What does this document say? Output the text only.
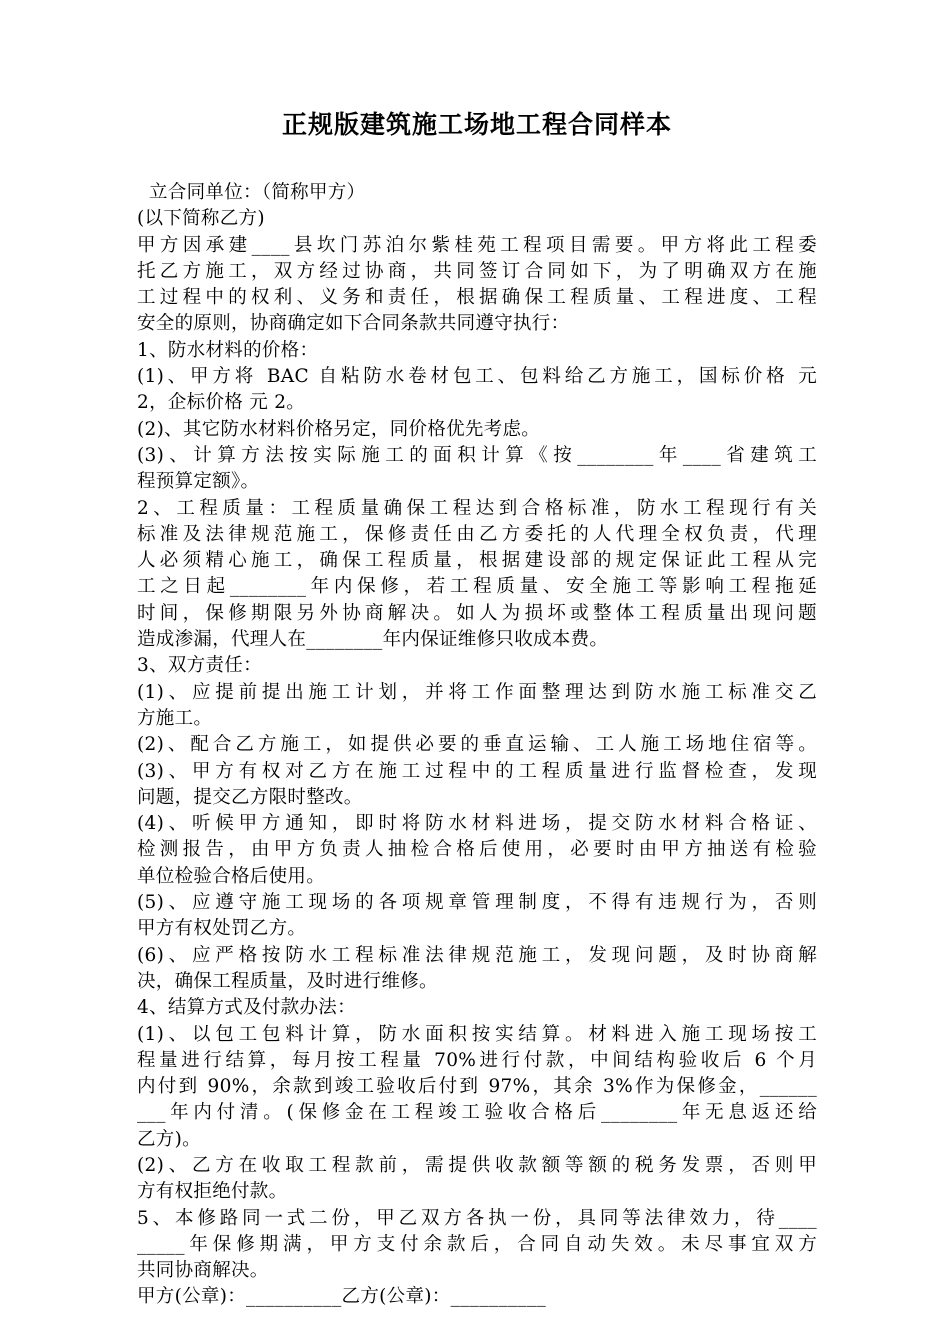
正规版建筑施工场地工程合同样本
立合同单位：（简称甲方）
(以下简称乙方)
甲方因承建____县坎门苏泊尔紫桂苑工程项目需要。甲方将此工程委
托乙方施工，双方经过协商，共同签订合同如下，为了明确双方在施
工过程中的权利、义务和责任，根据确保工程质量、工程进度、工程
安全的原则，协商确定如下合同条款共同遵守执行：
1、防水材料的价格：
(1)、甲方将 BAC 自粘防水卷材包工、包料给乙方施工，国标价格 元
2，企标价格 元 2。
(2)、其它防水材料价格另定，同价格优先考虑。
(3)、计算方法按实际施工的面积计算《按________年____省建筑工
程预算定额》。
2、工程质量：工程质量确保工程达到合格标准，防水工程现行有关
标准及法律规范施工，保修责任由乙方委托的人代理全权负责，代理
人必须精心施工，确保工程质量，根据建设部的规定保证此工程从完
工之日起________年内保修，若工程质量、安全施工等影响工程拖延
时间，保修期限另外协商解决。如人为损坏或整体工程质量出现问题
造成渗漏，代理人在________年内保证维修只收成本费。
3、双方责任：
(1)、应提前提出施工计划，并将工作面整理达到防水施工标准交乙
方施工。
(2)、配合乙方施工，如提供必要的垂直运输、工人施工场地住宿等。
(3)、甲方有权对乙方在施工过程中的工程质量进行监督检查，发现
问题，提交乙方限时整改。
(4)、听候甲方通知，即时将防水材料进场，提交防水材料合格证、
检测报告，由甲方负责人抽检合格后使用，必要时由甲方抽送有检验
单位检验合格后使用。
(5)、应遵守施工现场的各项规章管理制度，不得有违规行为，否则
甲方有权处罚乙方。
(6)、应严格按防水工程标准法律规范施工，发现问题，及时协商解
决，确保工程质量，及时进行维修。
4、结算方式及付款办法：
(1)、以包工包料计算，防水面积按实结算。材料进入施工现场按工
程量进行结算，每月按工程量 70%进行付款，中间结构验收后 6 个月
内付到 90%，余款到竣工验收后付到 97%，其余 3%作为保修金，______
___年内付清。(保修金在工程竣工验收合格后________年无息返还给
乙方)。
(2)、乙方在收取工程款前，需提供收款额等额的税务发票，否则甲
方有权拒绝付款。
5、本修路同一式二份，甲乙双方各执一份，具同等法律效力，待____
_____年保修期满，甲方支付余款后，合同自动失效。未尽事宜双方
共同协商解决。
甲方(公章)：__________乙方(公章)：__________
